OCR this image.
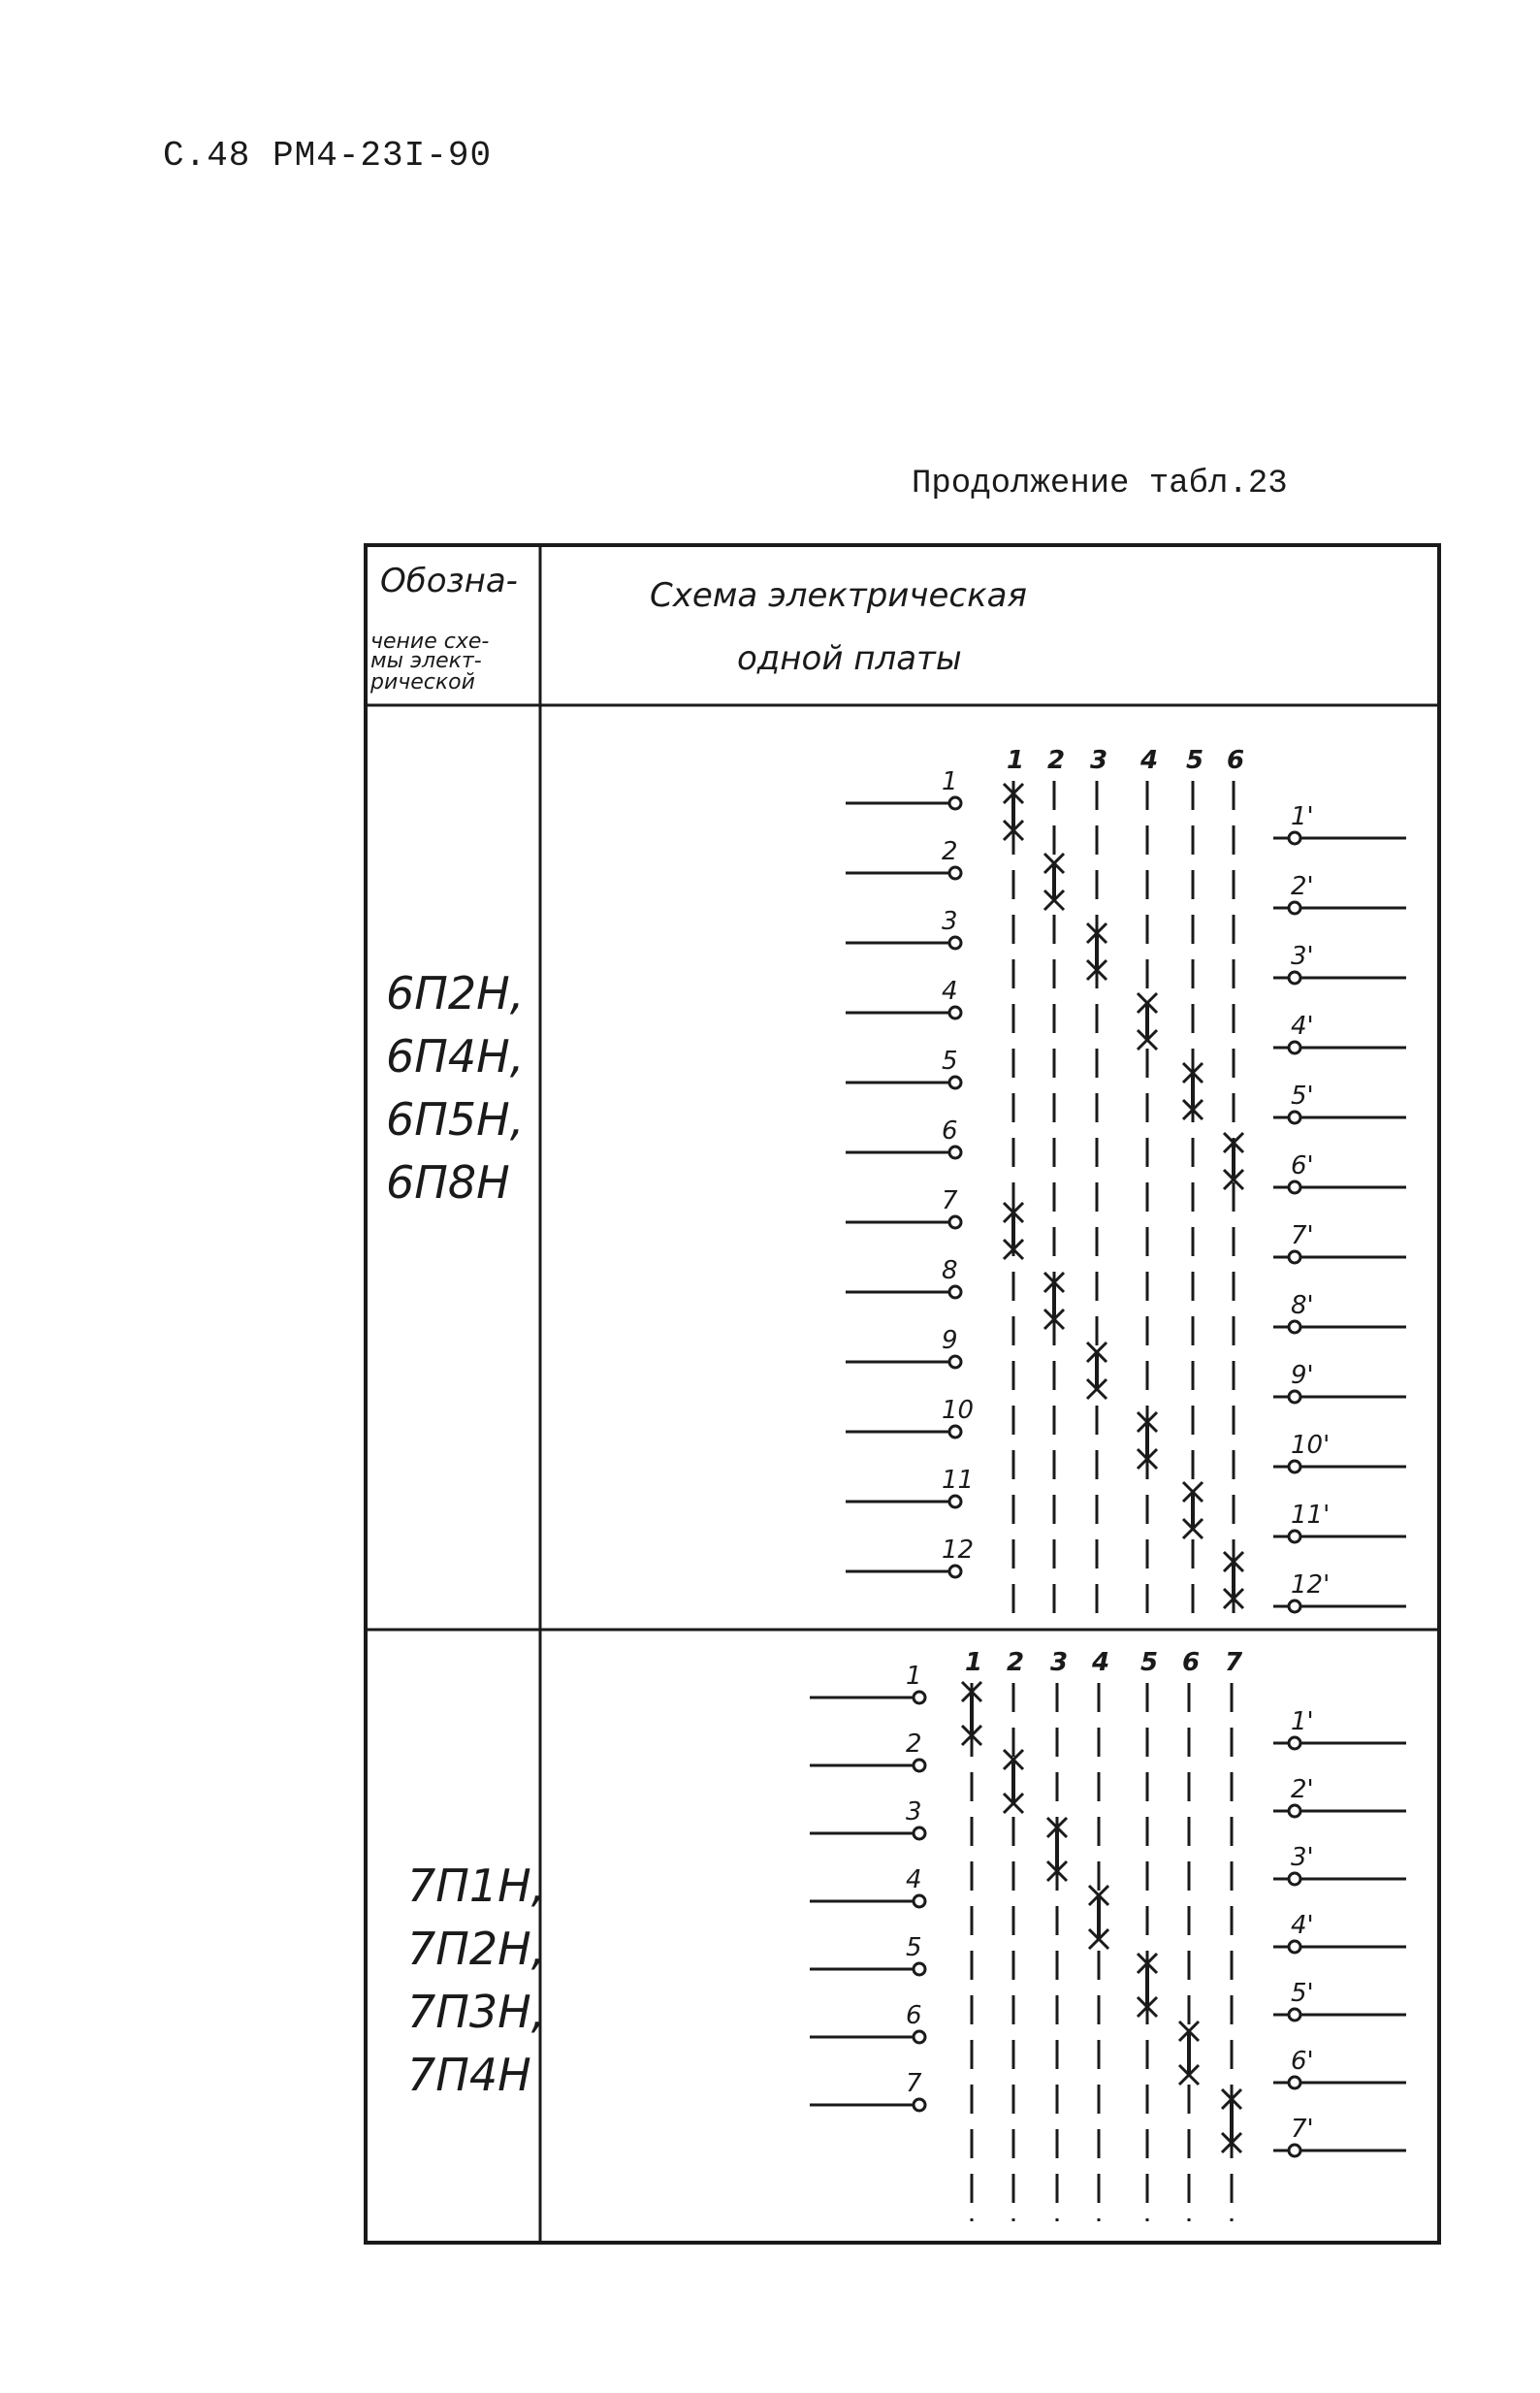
С.48 РМ4-23I-90
Продолжение табл.23
Обозна-
чение схе-
мы элект-
рической
Схема электрическая
одной платы
6П2Н,
6П4Н,
6П5Н,
6П8Н
7П1Н,
7П2Н,
7П3Н,
7П4Н
1 2 3 4 5 6
1
2
3
4
5
6
7
8
9
10
11
12
1'
2'
3'
4'
5'
6'
7'
8'
9'
10'
11'
12'
1 2 3 4 5 6 7
1
2
3
4
5
6
7
1'
2'
3'
4'
5'
6'
7'
